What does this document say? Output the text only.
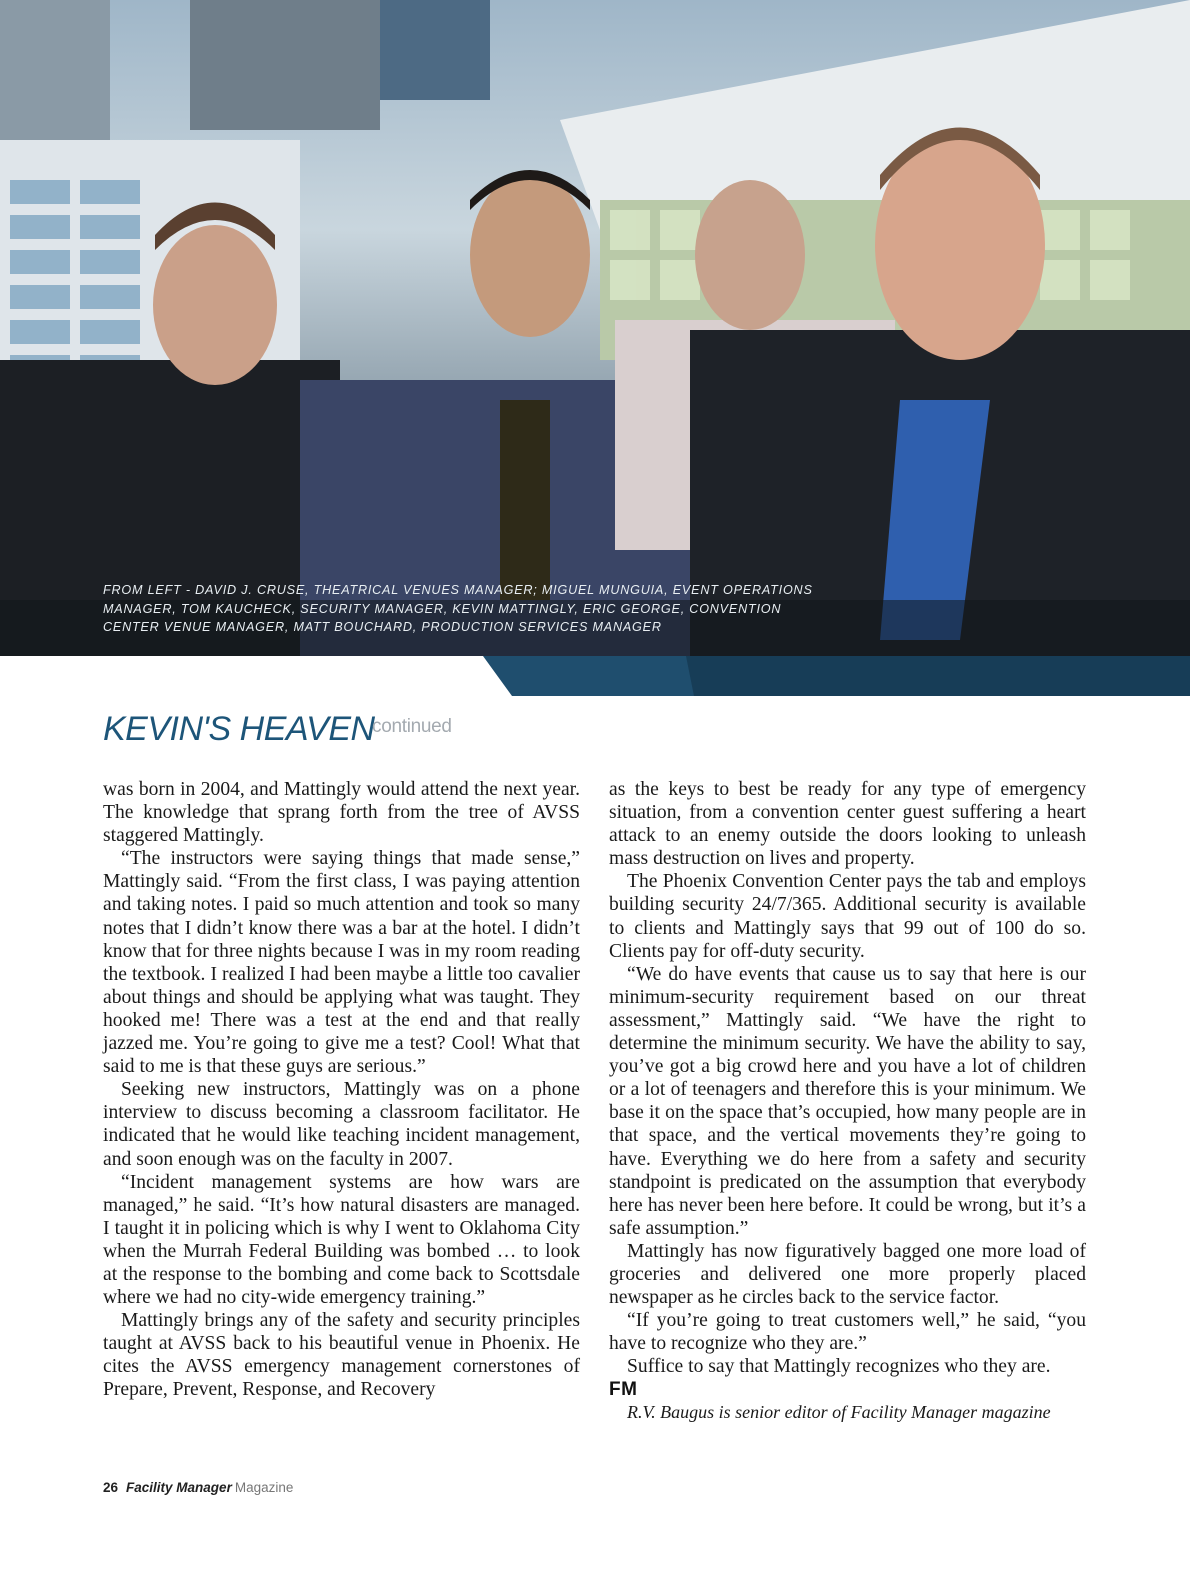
FROM LEFT - DAVID J. CRUSE, THEATRICAL VENUES MANAGER; MIGUEL MUNGUIA, EVENT OPERATIONS MANAGER, TOM KAUCHECK, SECURITY MANAGER, KEVIN MATTINGLY, ERIC GEORGE, CONVENTION CENTER VENUE MANAGER, MATT BOUCHARD, PRODUCTION SERVICES MANAGER

KEVIN'S HEAVEN
continued

was born in 2004, and Mattingly would attend the next year. The knowledge that sprang forth from the tree of AVSS staggered Mattingly.

“The instructors were saying things that made sense,” Mattingly said. “From the first class, I was paying attention and taking notes. I paid so much attention and took so many notes that I didn’t know there was a bar at the hotel. I didn’t know that for three nights because I was in my room reading the textbook. I realized I had been maybe a little too cavalier about things and should be applying what was taught. They hooked me! There was a test at the end and that really jazzed me. You’re going to give me a test? Cool! What that said to me is that these guys are serious.”

Seeking new instructors, Mattingly was on a phone interview to discuss becoming a classroom facilitator. He indicated that he would like teaching incident management, and soon enough was on the faculty in 2007.

“Incident management systems are how wars are managed,” he said. “It’s how natural disasters are managed. I taught it in policing which is why I went to Oklahoma City when the Murrah Federal Building was bombed … to look at the response to the bombing and come back to Scottsdale where we had no city-wide emergency training.”

Mattingly brings any of the safety and security principles taught at AVSS back to his beautiful venue in Phoenix. He cites the AVSS emergency management cornerstones of Prepare, Prevent, Response, and Recovery

as the keys to best be ready for any type of emergency situation, from a convention center guest suffering a heart attack to an enemy outside the doors looking to unleash mass destruction on lives and property.

The Phoenix Convention Center pays the tab and employs building security 24/7/365. Additional security is available to clients and Mattingly says that 99 out of 100 do so. Clients pay for off-duty security.

“We do have events that cause us to say that here is our minimum-security requirement based on our threat assessment,” Mattingly said. “We have the right to determine the minimum security. We have the ability to say, you’ve got a big crowd here and you have a lot of children or a lot of teenagers and therefore this is your minimum. We base it on the space that’s occupied, how many people are in that space, and the vertical movements they’re going to have. Everything we do here from a safety and security standpoint is predicated on the assumption that everybody here has never been here before. It could be wrong, but it’s a safe assumption.”

Mattingly has now figuratively bagged one more load of groceries and delivered one more properly placed newspaper as he circles back to the service factor.

“If you’re going to treat customers well,” he said, “you have to recognize who they are.”

Suffice to say that Mattingly recognizes who they are.

FM

R.V. Baugus is senior editor of Facility Manager magazine

26 Facility Manager Magazine
